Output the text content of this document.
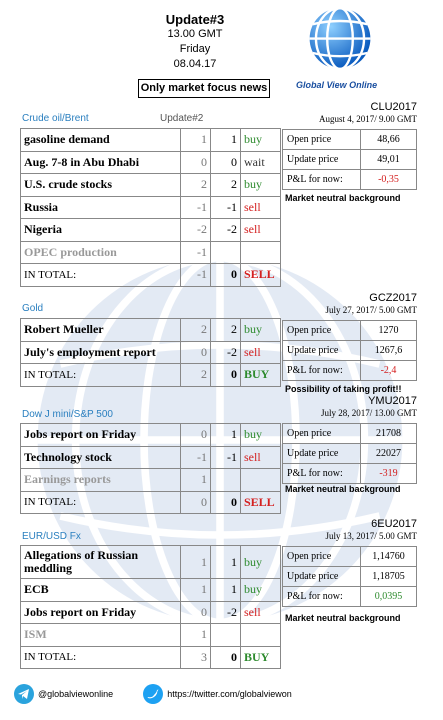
Update#3
13.00 GMT
Friday
08.04.17
Only market focus news	Global View Online
Crude oil/Brent	Update#2
gasoline demand	1	1	buy
Aug. 7-8 in Abu Dhabi	0	0	wait
U.S. crude stocks	2	2	buy
Russia	-1	-1	sell
Nigeria	-2	-2	sell
OPEC production	-1		
IN TOTAL:	-1	0	SELL
CLU2017
August 4, 2017/ 9.00 GMT
Open price	48,66
Update price	49,01
P&L for now:	-0,35
Market neutral background
Gold
Robert Mueller	2	2	buy
July's employment report	0	-2	sell
IN TOTAL:	2	0	BUY
GCZ2017
July 27, 2017/ 5.00 GMT
Open price	1270
Update price	1267,6
P&L for now:	-2,4
Possibility of taking profit!!
Dow J mini/S&P 500
Jobs report on Friday	0	1	buy
Technology stock	-1	-1	sell
Earnings reports	1		
IN TOTAL:	0	0	SELL
YMU2017
July 28, 2017/ 13.00 GMT
Open price	21708
Update price	22027
P&L for now:	-319
Market neutral background
EUR/USD Fx
Allegations of Russian meddling	1	1	buy
ECB	1	1	buy
Jobs report on Friday	0	-2	sell
ISM	1		
IN TOTAL:	3	0	BUY
6EU2017
July 13, 2017/ 5.00 GMT
Open price	1,14760
Update price	1,18705
P&L for now:	0,0395
Market neutral background
@globalviewonline	https://twitter.com/globalviewon
